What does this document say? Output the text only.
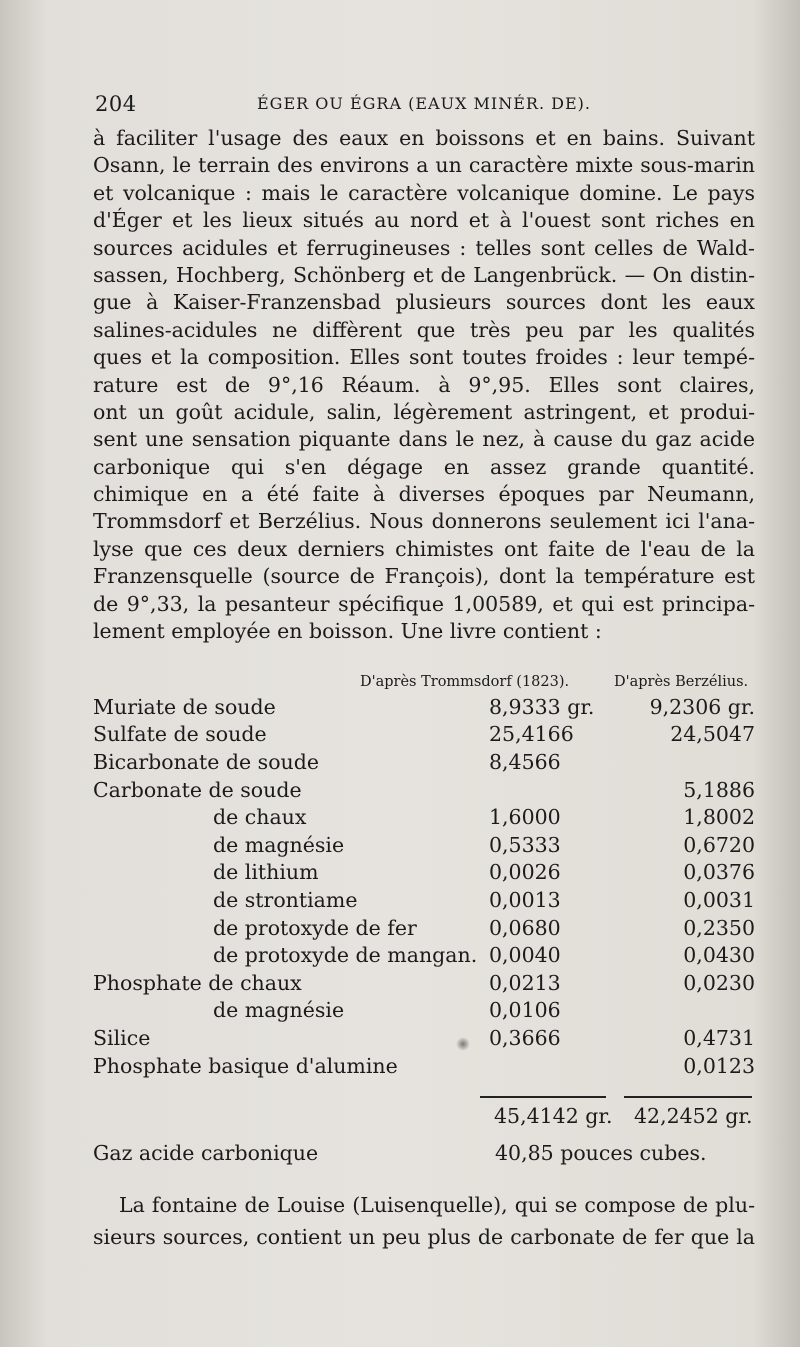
204	ÉGER OU ÉGRA (EAUX MINÉR. DE).
à faciliter l'usage des eaux en boissons et en bains. Suivant
Osann, le terrain des environs a un caractère mixte sous-marin
et volcanique : mais le caractère volcanique domine. Le pays
d'Éger et les lieux situés au nord et à l'ouest sont riches en
sources acidules et ferrugineuses : telles sont celles de Wald-
sassen, Hochberg, Schönberg et de Langenbrück. — On distin-
gue à Kaiser-Franzensbad plusieurs sources dont les eaux
salines-acidules ne diffèrent que très peu par les qualités
ques et la composition. Elles sont toutes froides : leur tempé-
rature est de 9°,16 Réaum. à 9°,95. Elles sont claires,
ont un goût acidule, salin, légèrement astringent, et produi-
sent une sensation piquante dans le nez, à cause du gaz acide
carbonique qui s'en dégage en assez grande quantité.
chimique en a été faite à diverses époques par Neumann,
Trommsdorf et Berzélius. Nous donnerons seulement ici l'ana-
lyse que ces deux derniers chimistes ont faite de l'eau de la
Franzensquelle (source de François), dont la température est
de 9°,33, la pesanteur spécifique 1,00589, et qui est principa-
lement employée en boisson. Une livre contient :
D'après Trommsdorf (1823).	D'après Berzélius.
Muriate de soude	8,9333 gr.	9,2306 gr.
Sulfate de soude	25,4166	24,5047
Bicarbonate de soude	8,4566	
Carbonate de soude		5,1886
de chaux	1,6000	1,8002
de magnésie	0,5333	0,6720
de lithium	0,0026	0,0376
de strontiame	0,0013	0,0031
de protoxyde de fer	0,0680	0,2350
de protoxyde de mangan.	0,0040	0,0430
Phosphate de chaux	0,0213	0,0230
de magnésie	0,0106	
Silice	0,3666	0,4731
Phosphate basique d'alumine		0,0123
45,4142 gr. 42,2452 gr.
Gaz acide carbonique	40,85 pouces cubes.
La fontaine de Louise (Luisenquelle), qui se compose de plu-
sieurs sources, contient un peu plus de carbonate de fer que la
